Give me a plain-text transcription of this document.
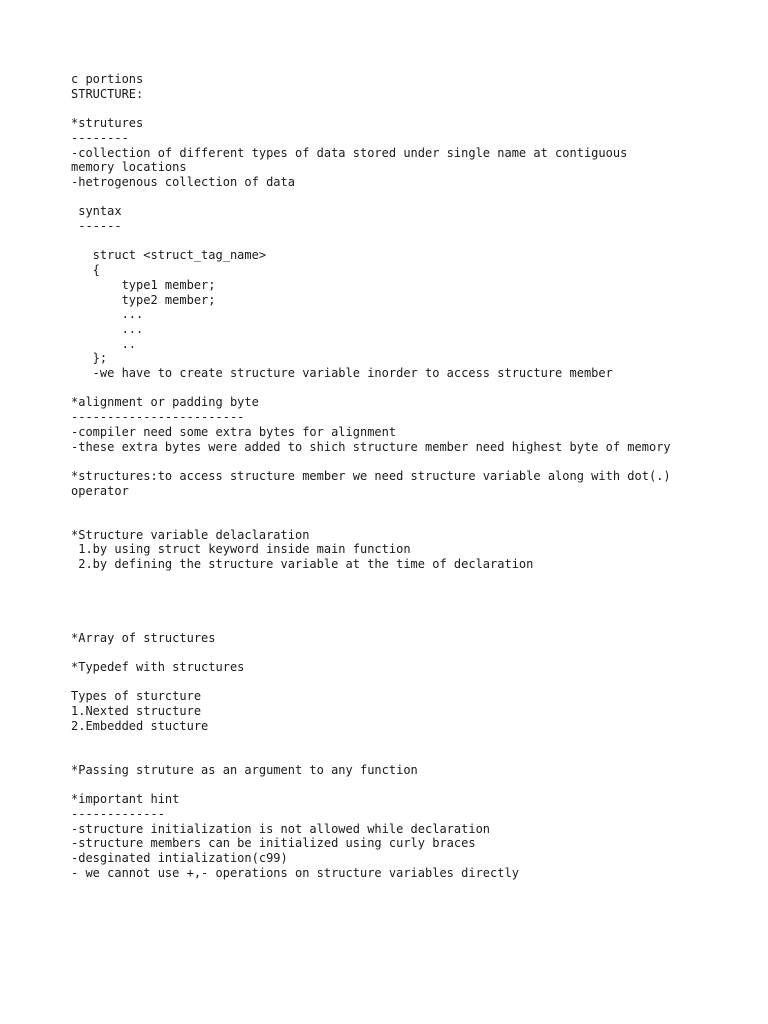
c portions
STRUCTURE:
*strutures
--------
-collection of different types of data stored under single name at contiguous
memory locations
-hetrogenous collection of data
syntax
------
struct <struct_tag_name>
{
type1 member;
type2 member;
...
...
..
};
-we have to create structure variable inorder to access structure member
*alignment or padding byte
------------------------
-compiler need some extra bytes for alignment
-these extra bytes were added to shich structure member need highest byte of memory
*structures:to access structure member we need structure variable along with dot(.)
operator
*Structure variable delaclaration
1.by using struct keyword inside main function
2.by defining the structure variable at the time of declaration
*Array of structures
*Typedef with structures
Types of sturcture
1.Nexted structure
2.Embedded stucture
*Passing struture as an argument to any function
*important hint
-------------
-structure initialization is not allowed while declaration
-structure members can be initialized using curly braces
-desginated intialization(c99)
- we cannot use +,- operations on structure variables directly
